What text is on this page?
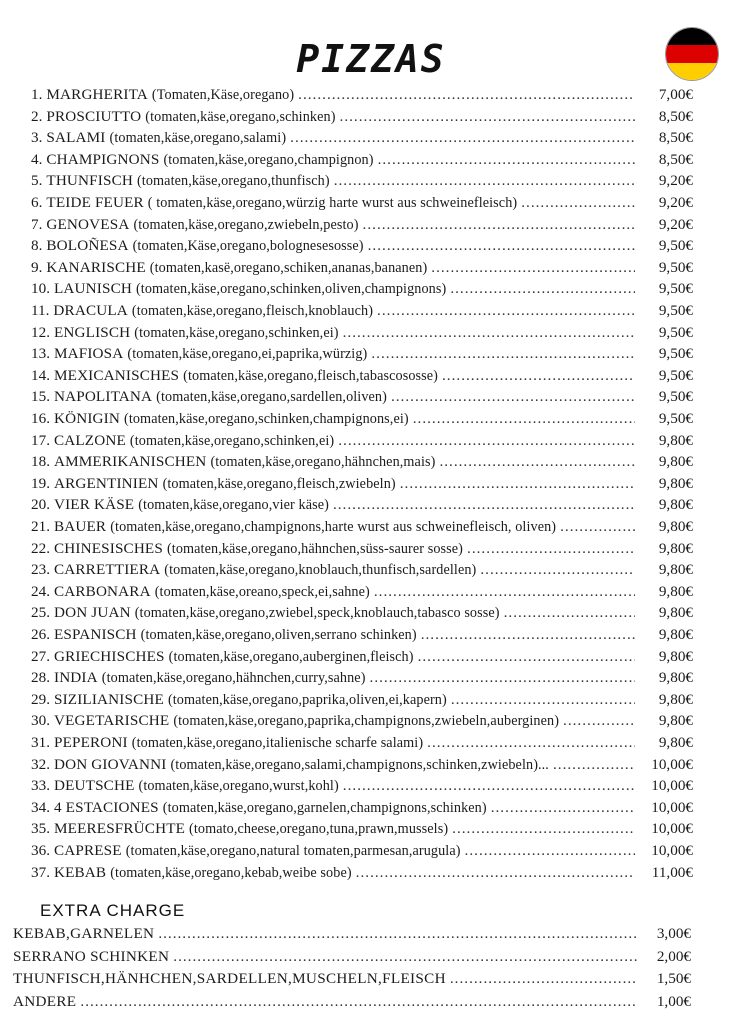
PIZZAS
1. MARGHERITA (Tomaten,Käse,oregano) .....	7,00€
2. PROSCIUTTO (tomaten,käse,oregano,schinken) .....	8,50€
3. SALAMI (tomaten,käse,oregano,salami) .....	8,50€
4. CHAMPIGNONS (tomaten,käse,oregano,champignon) .....	8,50€
5. THUNFISCH (tomaten,käse,oregano,thunfisch) .....	9,20€
6. TEIDE FEUER ( tomaten,käse,oregano,würzig harte wurst aus schweinefleisch) .....	9,20€
7. GENOVESA (tomaten,käse,oregano,zwiebeln,pesto) .....	9,20€
8. BOLOÑESA (tomaten,Käse,oregano,bolognesesosse) .....	9,50€
9. KANARISCHE (tomaten,kasë,oregano,schiken,ananas,bananen) .....	9,50€
10. LAUNISCH (tomaten,käse,oregano,schinken,oliven,champignons) .....	9,50€
11. DRACULA (tomaten,käse,oregano,fleisch,knoblauch) .....	9,50€
12. ENGLISCH (tomaten,käse,oregano,schinken,ei) .....	9,50€
13. MAFIOSA (tomaten,käse,oregano,ei,paprika,würzig) .....	9,50€
14. MEXICANISCHES (tomaten,käse,oregano,fleisch,tabascososse) .....	9,50€
15. NAPOLITANA (tomaten,käse,oregano,sardellen,oliven) .....	9,50€
16. KÖNIGIN (tomaten,käse,oregano,schinken,champignons,ei) .....	9,50€
17. CALZONE (tomaten,käse,oregano,schinken,ei) .....	9,80€
18. AMMERIKANISCHEN (tomaten,käse,oregano,hähnchen,mais) .....	9,80€
19. ARGENTINIEN (tomaten,käse,oregano,fleisch,zwiebeln) .....	9,80€
20. VIER KÄSE (tomaten,käse,oregano,vier käse) .....	9,80€
21. BAUER (tomaten,käse,oregano,champignons,harte wurst aus schweinefleisch, oliven) .....	9,80€
22. CHINESISCHES (tomaten,käse,oregano,hähnchen,süss-saurer sosse) .....	9,80€
23. CARRETTIERA (tomaten,käse,oregano,knoblauch,thunfisch,sardellen) .....	9,80€
24. CARBONARA (tomaten,käse,oreano,speck,ei,sahne) .....	9,80€
25. DON JUAN (tomaten,käse,oregano,zwiebel,speck,knoblauch,tabasco sosse) .....	9,80€
26. ESPANISCH (tomaten,käse,oregano,oliven,serrano schinken) .....	9,80€
27. GRIECHISCHES (tomaten,käse,oregano,auberginen,fleisch) .....	9,80€
28. INDIA (tomaten,käse,oregano,hähnchen,curry,sahne) .....	9,80€
29. SIZILIANISCHE (tomaten,käse,oregano,paprika,oliven,ei,kapern) .....	9,80€
30. VEGETARISCHE (tomaten,käse,oregano,paprika,champignons,zwiebeln,auberginen) .....	9,80€
31. PEPERONI (tomaten,käse,oregano,italienische scharfe salami) .....	9,80€
32. DON GIOVANNI (tomaten,käse,oregano,salami,champignons,schinken,zwiebeln)... .....	10,00€
33. DEUTSCHE (tomaten,käse,oregano,wurst,kohl) .....	10,00€
34. 4 ESTACIONES (tomaten,käse,oregano,garnelen,champignons,schinken) .....	10,00€
35. MEERESFRÜCHTE (tomato,cheese,oregano,tuna,prawn,mussels) .....	10,00€
36. CAPRESE (tomaten,käse,oregano,natural tomaten,parmesan,arugula) .....	10,00€
37. KEBAB (tomaten,käse,oregano,kebab,weibe sobe) .....	11,00€
EXTRA CHARGE
KEBAB,GARNELEN .....	3,00€
SERRANO SCHINKEN .....	2,00€
THUNFISCH,HÄNHCHEN,SARDELLEN,MUSCHELN,FLEISCH .....	1,50€
ANDERE .....	1,00€
